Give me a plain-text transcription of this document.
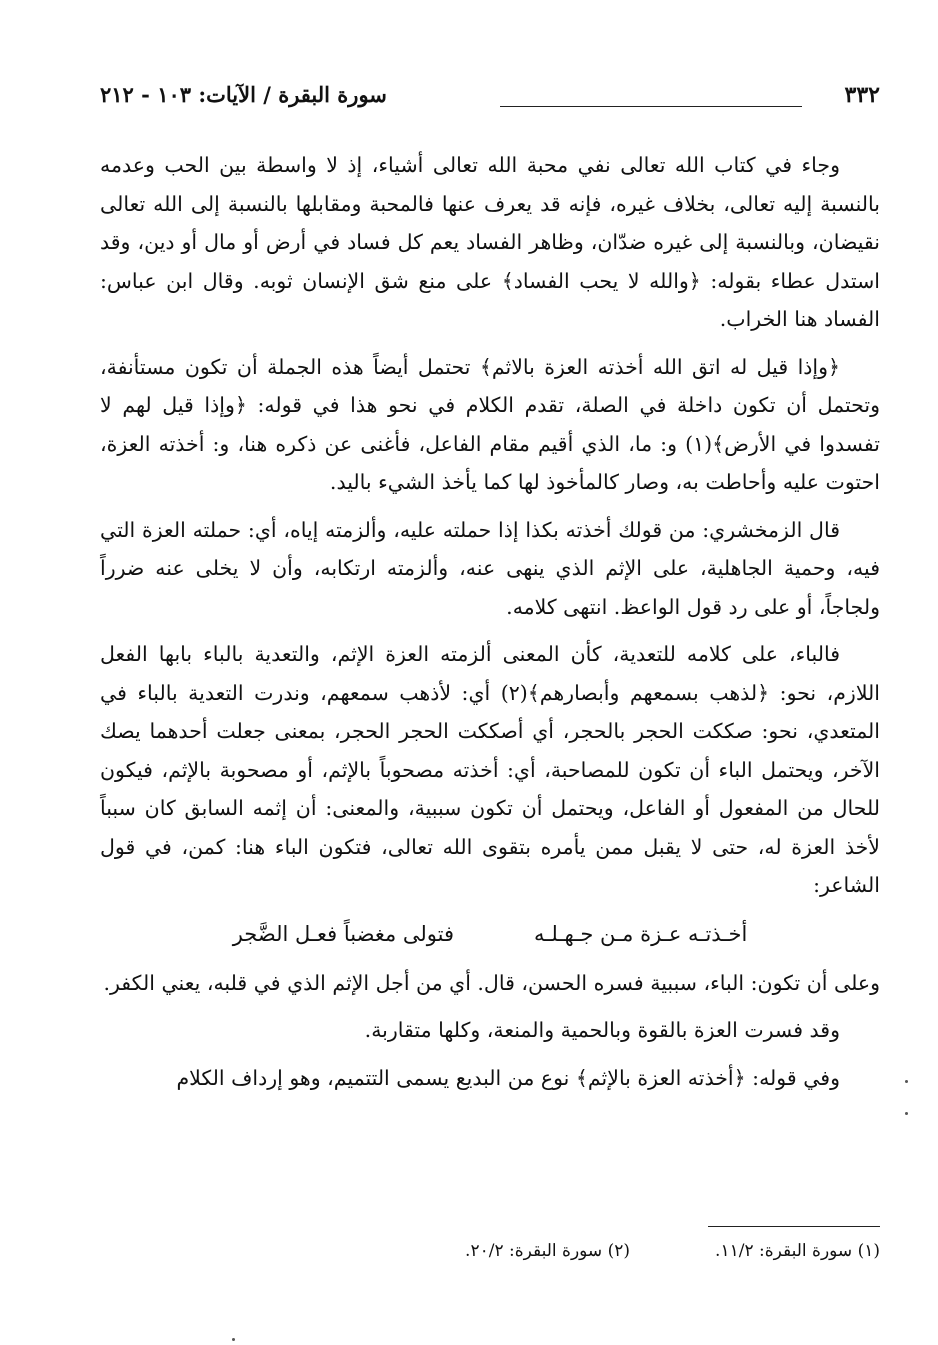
٣٣٢
سورة البقرة / الآيات: ١٠٣ - ٢١٢

وجاء في كتاب الله تعالى نفي محبة الله تعالى أشياء، إذ لا واسطة بين الحب وعدمه بالنسبة إليه تعالى، بخلاف غيره، فإنه قد يعرف عنها فالمحبة ومقابلها بالنسبة إلى الله تعالى نقيضان، وبالنسبة إلى غيره ضدّان، وظاهر الفساد يعم كل فساد في أرض أو مال أو دين، وقد استدل عطاء بقوله: ﴿والله لا يحب الفساد﴾ على منع شق الإنسان ثوبه. وقال ابن عباس: الفساد هنا الخراب.

﴿وإذا قيل له اتق الله أخذته العزة بالاثم﴾ تحتمل أيضاً هذه الجملة أن تكون مستأنفة، وتحتمل أن تكون داخلة في الصلة، تقدم الكلام في نحو هذا في قوله: ﴿وإذا قيل لهم لا تفسدوا في الأرض﴾(١) و: ما، الذي أقيم مقام الفاعل، فأغنى عن ذكره هنا، و: أخذته العزة، احتوت عليه وأحاطت به، وصار كالمأخوذ لها كما يأخذ الشيء باليد.

قال الزمخشري: من قولك أخذته بكذا إذا حملته عليه، وألزمته إياه، أي: حملته العزة التي فيه، وحمية الجاهلية، على الإثم الذي ينهى عنه، وألزمته ارتكابه، وأن لا يخلى عنه ضرراً ولجاجاً، أو على رد قول الواعظ. انتهى كلامه.

فالباء، على كلامه للتعدية، كأن المعنى ألزمته العزة الإثم، والتعدية بالباء بابها الفعل اللازم، نحو: ﴿لذهب بسمعهم وأبصارهم﴾(٢) أي: لأذهب سمعهم، وندرت التعدية بالباء في المتعدي، نحو: صككت الحجر بالحجر، أي أصككت الحجر الحجر، بمعنى جعلت أحدهما يصك الآخر، ويحتمل الباء أن تكون للمصاحبة، أي: أخذته مصحوباً بالإثم، أو مصحوبة بالإثم، فيكون للحال من المفعول أو الفاعل، ويحتمل أن تكون سببية، والمعنى: أن إثمه السابق كان سبباً لأخذ العزة له، حتى لا يقبل ممن يأمره بتقوى الله تعالى، فتكون الباء هنا: كمن، في قول الشاعر:

أخـذتـه عـزة مـن جـهـلـه
فتولى مغضباً فعـل الضَّجر

وعلى أن تكون: الباء، سببية فسره الحسن، قال. أي من أجل الإثم الذي في قلبه، يعني الكفر.

وقد فسرت العزة بالقوة وبالحمية والمنعة، وكلها متقاربة.

وفي قوله: ﴿أخذته العزة بالإثم﴾ نوع من البديع يسمى التتميم، وهو إرداف الكلام

(١) سورة البقرة: ١١/٢.
(٢) سورة البقرة: ٢٠/٢.
